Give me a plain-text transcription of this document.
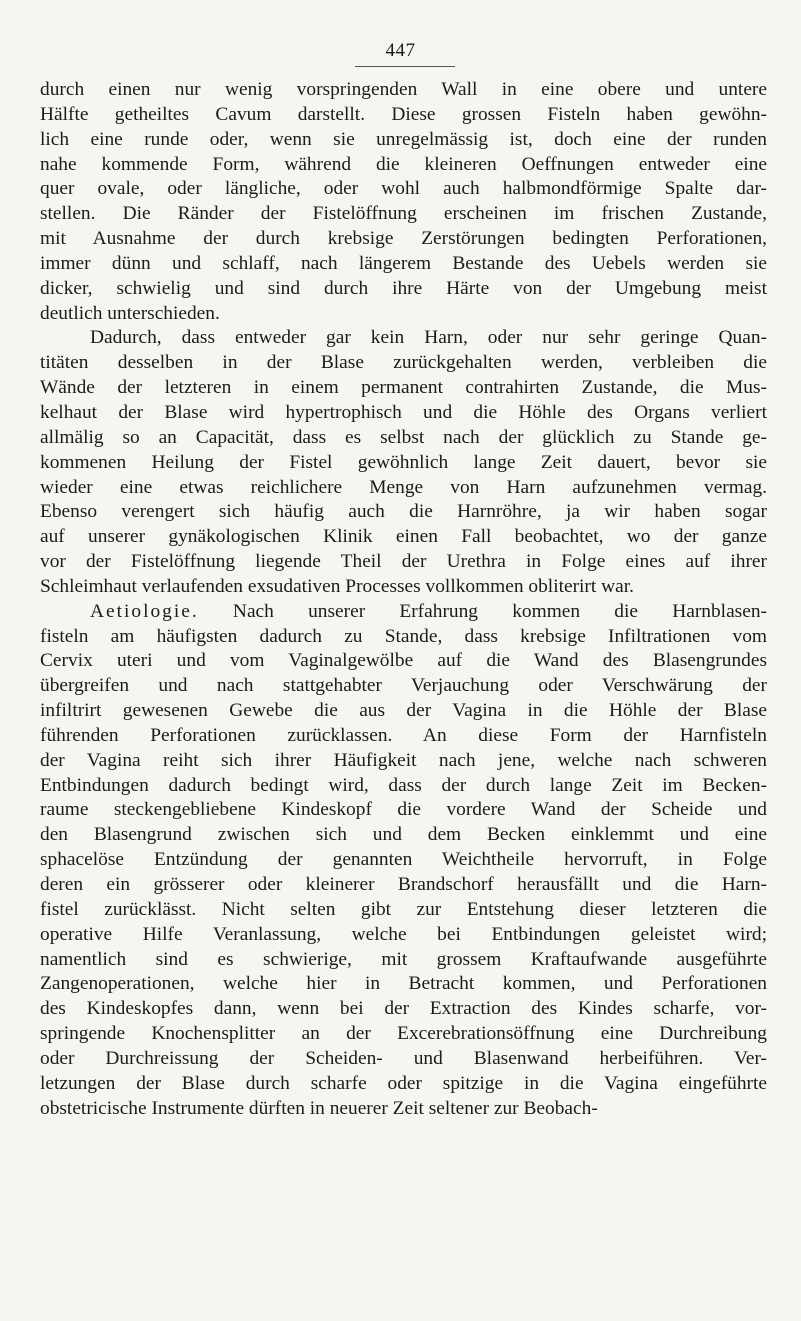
447

durch einen nur wenig vorspringenden Wall in eine obere und untere
Hälfte getheiltes Cavum darstellt. Diese grossen Fisteln haben gewöhn-
lich eine runde oder, wenn sie unregelmässig ist, doch eine der runden
nahe kommende Form, während die kleineren Oeffnungen entweder eine
quer ovale, oder längliche, oder wohl auch halbmondförmige Spalte dar-
stellen. Die Ränder der Fistelöffnung erscheinen im frischen Zustande,
mit Ausnahme der durch krebsige Zerstörungen bedingten Perforationen,
immer dünn und schlaff, nach längerem Bestande des Uebels werden sie
dicker, schwielig und sind durch ihre Härte von der Umgebung meist
deutlich unterschieden.

Dadurch, dass entweder gar kein Harn, oder nur sehr geringe Quan-
titäten desselben in der Blase zurückgehalten werden, verbleiben die
Wände der letzteren in einem permanent contrahirten Zustande, die Mus-
kelhaut der Blase wird hypertrophisch und die Höhle des Organs verliert
allmälig so an Capacität, dass es selbst nach der glücklich zu Stande ge-
kommenen Heilung der Fistel gewöhnlich lange Zeit dauert, bevor sie
wieder eine etwas reichlichere Menge von Harn aufzunehmen vermag.
Ebenso verengert sich häufig auch die Harnröhre, ja wir haben sogar
auf unserer gynäkologischen Klinik einen Fall beobachtet, wo der ganze
vor der Fistelöffnung liegende Theil der Urethra in Folge eines auf ihrer
Schleimhaut verlaufenden exsudativen Processes vollkommen obliterirt war.

Aetiologie. Nach unserer Erfahrung kommen die Harnblasen-
fisteln am häufigsten dadurch zu Stande, dass krebsige Infiltrationen vom
Cervix uteri und vom Vaginalgewölbe auf die Wand des Blasengrundes
übergreifen und nach stattgehabter Verjauchung oder Verschwärung der
infiltrirt gewesenen Gewebe die aus der Vagina in die Höhle der Blase
führenden Perforationen zurücklassen. An diese Form der Harnfisteln
der Vagina reiht sich ihrer Häufigkeit nach jene, welche nach schweren
Entbindungen dadurch bedingt wird, dass der durch lange Zeit im Becken-
raume steckengebliebene Kindeskopf die vordere Wand der Scheide und
den Blasengrund zwischen sich und dem Becken einklemmt und eine
sphacelöse Entzündung der genannten Weichtheile hervorruft, in Folge
deren ein grösserer oder kleinerer Brandschorf herausfällt und die Harn-
fistel zurücklässt. Nicht selten gibt zur Entstehung dieser letzteren die
operative Hilfe Veranlassung, welche bei Entbindungen geleistet wird;
namentlich sind es schwierige, mit grossem Kraftaufwande ausgeführte
Zangenoperationen, welche hier in Betracht kommen, und Perforationen
des Kindeskopfes dann, wenn bei der Extraction des Kindes scharfe, vor-
springende Knochensplitter an der Excerebrationsöffnung eine Durchreibung
oder Durchreissung der Scheiden- und Blasenwand herbeiführen. Ver-
letzungen der Blase durch scharfe oder spitzige in die Vagina eingeführte
obstetricische Instrumente dürften in neuerer Zeit seltener zur Beobach-
